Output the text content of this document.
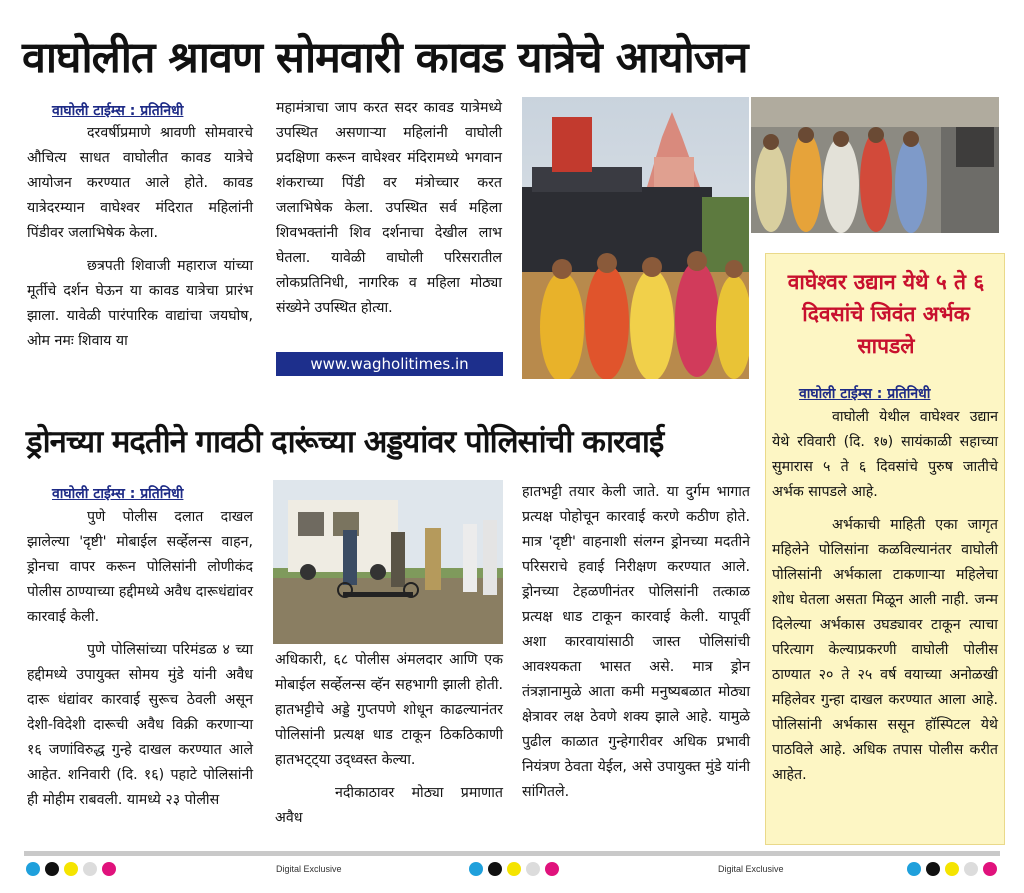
वाघोलीत श्रावण सोमवारी कावड यात्रेचे आयोजन
वाघोली टाईम्स : प्रतिनिधी

दरवर्षीप्रमाणे श्रावणी सोमवारचे औचित्य साधत वाघोलीत कावड यात्रेचे आयोजन करण्यात आले होते. कावड यात्रेदरम्यान वाघेश्वर मंदिरात महिलांनी पिंडीवर जलाभिषेक केला.

छत्रपती शिवाजी महाराज यांच्या मूर्तीचे दर्शन घेऊन या कावड यात्रेचा प्रारंभ झाला. यावेळी पारंपारिक वाद्यांचा जयघोष, ओम नमः शिवाय या

महामंत्राचा जाप करत सदर कावड यात्रेमध्ये उपस्थित असणाऱ्या महिलांनी वाघोली प्रदक्षिणा करून वाघेश्वर मंदिरामध्ये भगवान शंकराच्या पिंडी वर मंत्रोच्चार करत जलाभिषेक केला. उपस्थित सर्व महिला शिवभक्तांनी शिव दर्शनाचा देखील लाभ घेतला. यावेळी वाघोली परिसरातील लोकप्रतिनिधी, नागरिक व महिला मोठ्या संख्येने उपस्थित होत्या.

www.wagholitimes.in
वाघेश्वर उद्यान येथे ५ ते ६ दिवसांचे जिवंत अर्भक सापडले
वाघोली टाईम्स : प्रतिनिधी

वाघोली येथील वाघेश्वर उद्यान येथे रविवारी (दि. १७) सायंकाळी सहाच्या सुमारास ५ ते ६ दिवसांचे पुरुष जातीचे अर्भक सापडले आहे.

अर्भकाची माहिती एका जागृत महिलेने पोलिसांना कळविल्यानंतर वाघोली पोलिसांनी अर्भकाला टाकणाऱ्या महिलेचा शोध घेतला असता मिळून आली नाही. जन्म दिलेल्या अर्भकास उघड्यावर टाकून त्याचा परित्याग केल्याप्रकरणी वाघोली पोलीस ठाण्यात २० ते २५ वर्ष वयाच्या अनोळखी महिलेवर गुन्हा दाखल करण्यात आला आहे. पोलिसांनी अर्भकास ससून हॉस्पिटल येथे पाठविले आहे. अधिक तपास पोलीस करीत आहेत.

ड्रोनच्या मदतीने गावठी दारूंच्या अड्डयांवर पोलिसांची कारवाई
वाघोली टाईम्स : प्रतिनिधी

पुणे पोलीस दलात दाखल झालेल्या 'दृष्टी' मोबाईल सर्व्हेलन्स वाहन, ड्रोनचा वापर करून पोलिसांनी लोणीकंद पोलीस ठाण्याच्या हद्दीमध्ये अवैध दारूधंद्यांवर कारवाई केली.

पुणे पोलिसांच्या परिमंडळ ४ च्या हद्दीमध्ये उपायुक्त सोमय मुंडे यांनी अवैध दारू धंद्यांवर कारवाई सुरूच ठेवली असून देशी-विदेशी दारूची अवैध विक्री करणाऱ्या १६ जणांविरुद्ध गुन्हे दाखल करण्यात आले आहेत. शनिवारी (दि. १६) पहाटे पोलिसांनी ही मोहीम राबवली. यामध्ये २३ पोलीस

अधिकारी, ६८ पोलीस अंमलदार आणि एक मोबाईल सर्व्हेलन्स व्हॅन सहभागी झाली होती. हातभट्टीचे अड्डे गुप्तपणे शोधून काढल्यानंतर पोलिसांनी प्रत्यक्ष धाड टाकून ठिकठिकाणी हातभट्ट्या उद्ध्वस्त केल्या.

नदीकाठावर मोठ्या प्रमाणात अवैध

हातभट्टी तयार केली जाते. या दुर्गम भागात प्रत्यक्ष पोहोचून कारवाई करणे कठीण होते. मात्र 'दृष्टी' वाहनाशी संलग्न ड्रोनच्या मदतीने परिसराचे हवाई निरीक्षण करण्यात आले. ड्रोनच्या टेहळणीनंतर पोलिसांनी तत्काळ प्रत्यक्ष धाड टाकून कारवाई केली. यापूर्वी अशा कारवायांसाठी जास्त पोलिसांची आवश्यकता भासत असे. मात्र ड्रोन तंत्रज्ञानामुळे आता कमी मनुष्यबळात मोठ्या क्षेत्रावर लक्ष ठेवणे शक्य झाले आहे. यामुळे पुढील काळात गुन्हेगारीवर अधिक प्रभावी नियंत्रण ठेवता येईल, असे उपायुक्त मुंडे यांनी सांगितले.

Digital Exclusive	Digital Exclusive
